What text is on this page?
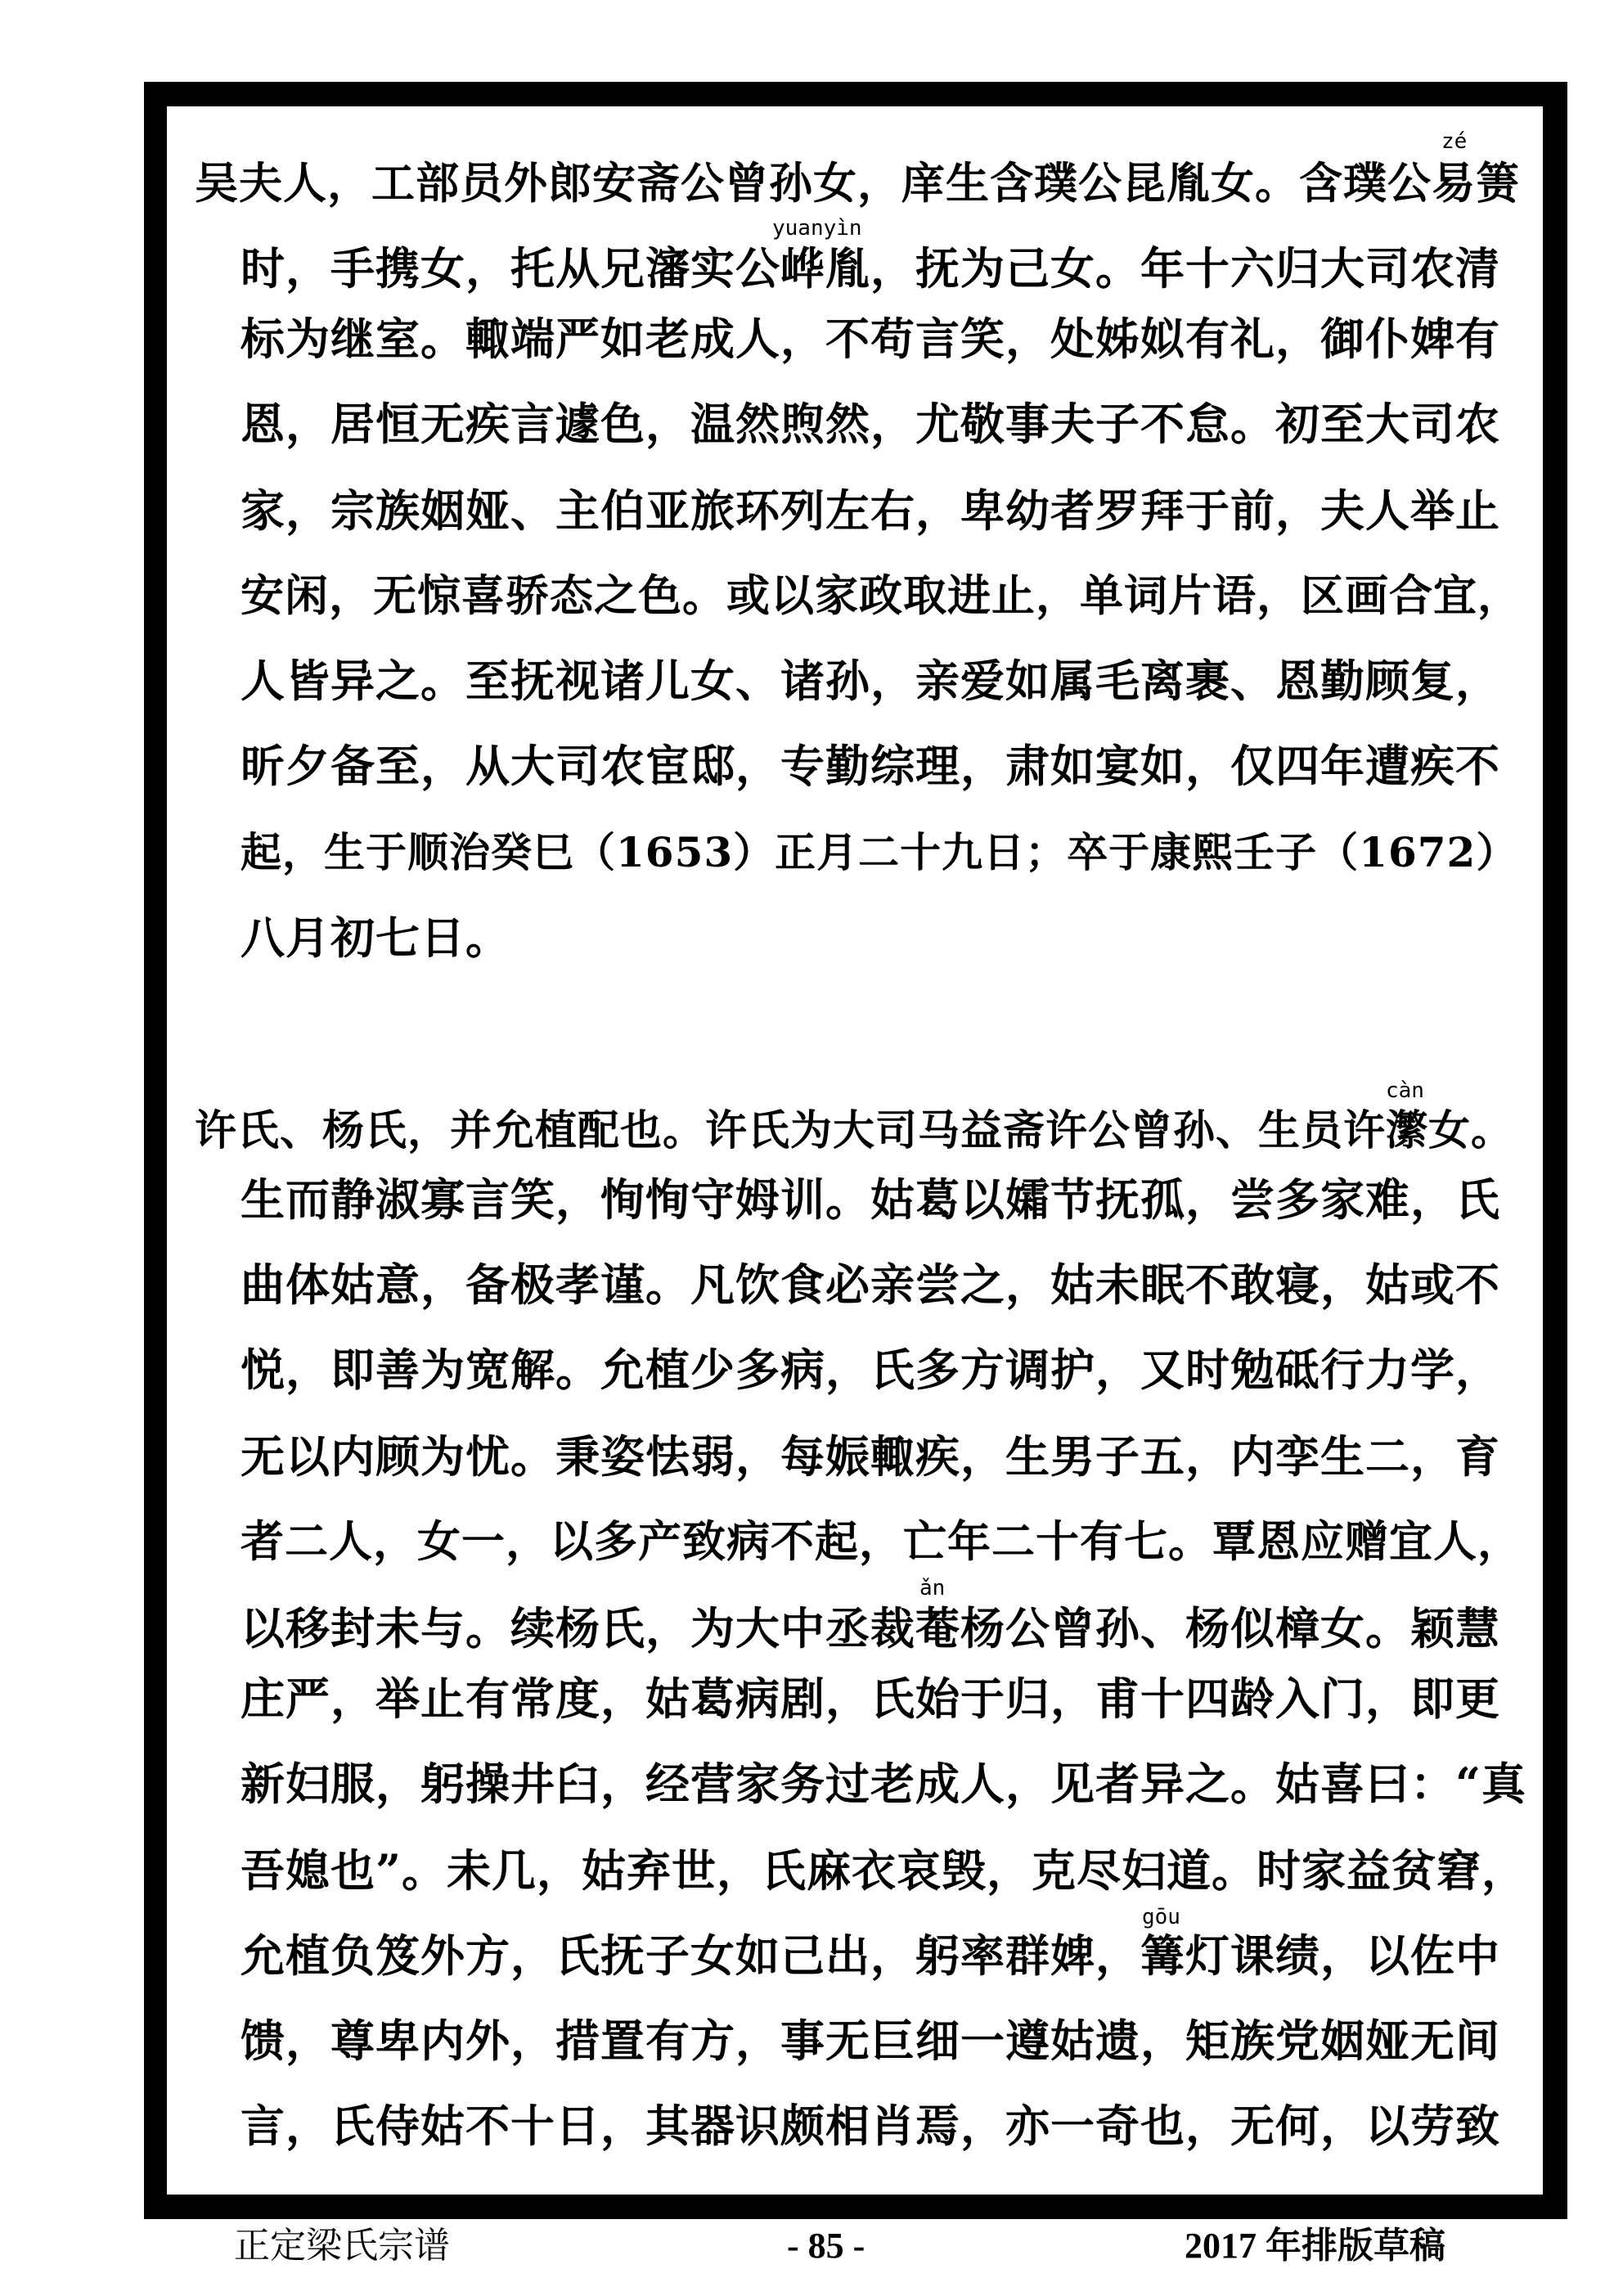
zé
吴夫人，工部员外郎安斋公曾孙女，庠生含璞公昆胤女。含璞公易箦
yuanyìn
时，手携女，托从兄瀋实公㟆胤，抚为己女。年十六归大司农清
标为继室。輙端严如老成人，不苟言笑，处姊姒有礼，御仆婢有
恩，居恒无疾言遽色，温然煦然，尤敬事夫子不怠。初至大司农
家，宗族姻娅、主伯亚旅环列左右，卑幼者罗拜于前，夫人举止
安闲，无惊喜骄态之色。或以家政取进止，单词片语，区画合宜，
人皆异之。至抚视诸儿女、诸孙，亲爱如属毛离裹、恩勤顾复，
昕夕备至，从大司农宦邸，专勤综理，肃如宴如，仅四年遭疾不
起，生于顺治癸巳（1653）正月二十九日；卒于康熙壬子（1672）
八月初七日。
càn
许氏、杨氏，并允植配也。许氏为大司马益斋许公曾孙、生员许瀿女。
生而静淑寡言笑，恂恂守姆训。姑葛以孀节抚孤，尝多家难，氏
曲体姑意，备极孝谨。凡饮食必亲尝之，姑未眠不敢寝，姑或不
悦，即善为宽解。允植少多病，氏多方调护，又时勉砥行力学，
无以内顾为忧。秉姿怯弱，每娠輙疾，生男子五，内孪生二，育
者二人，女一，以多产致病不起，亡年二十有七。覃恩应赠宜人，
ǎn
以移封未与。续杨氏，为大中丞裁菴杨公曾孙、杨似樟女。颖慧
庄严，举止有常度，姑葛病剧，氏始于归，甫十四龄入门，即更
新妇服，躬操井臼，经营家务过老成人，见者异之。姑喜曰：“真
吾媳也”。未几，姑弃世，氏麻衣哀毁，克尽妇道。时家益贫窘，
gōu
允植负笈外方，氏抚子女如己出，躬率群婢，篝灯课绩，以佐中
馈，尊卑内外，措置有方，事无巨细一遵姑遗，矩族党姻娅无间
言，氏侍姑不十日，其器识颇相肖焉，亦一奇也，无何，以劳致
正定梁氏宗谱	- 85 -	2017 年排版草稿
